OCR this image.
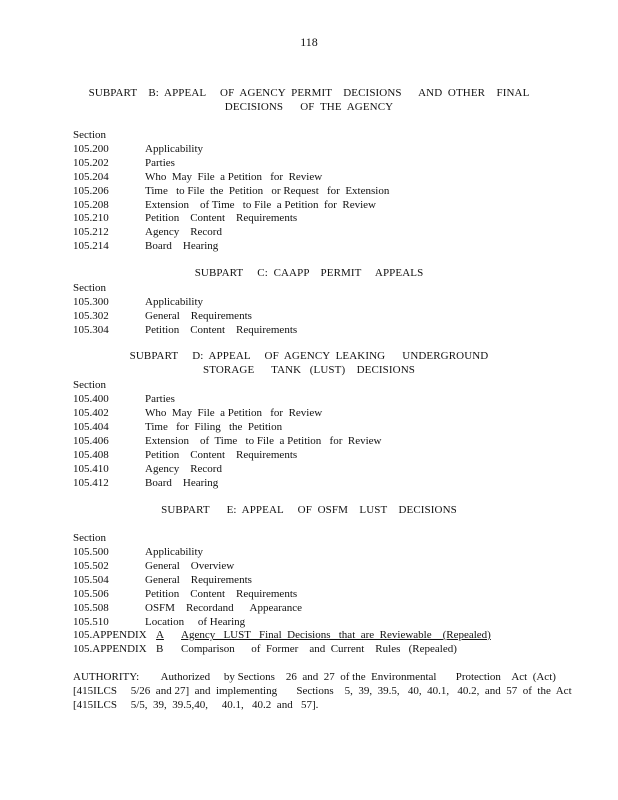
118
SUBPART    B:  APPEAL     OF  AGENCY  PERMIT    DECISIONS      AND  OTHER    FINAL
DECISIONS      OF  THE  AGENCY
Section
105.200	Applicability
105.202	Parties
105.204	Who  May  File  a Petition   for  Review
105.206	Time   to File  the  Petition   or Request   for  Extension
105.208	Extension    of Time   to File  a Petition  for  Review
105.210	Petition    Content    Requirements
105.212	Agency    Record
105.214	Board    Hearing
SUBPART     C:  CAAPP    PERMIT     APPEALS
Section
105.300	Applicability
105.302	General    Requirements
105.304	Petition    Content    Requirements
SUBPART     D:  APPEAL     OF  AGENCY  LEAKING      UNDERGROUND
STORAGE      TANK   (LUST)    DECISIONS
Section
105.400	Parties
105.402	Who  May  File  a Petition   for  Review
105.404	Time   for  Filing   the  Petition
105.406	Extension    of  Time   to File  a Petition   for  Review
105.408	Petition    Content    Requirements
105.410	Agency    Record
105.412	Board    Hearing
SUBPART      E:  APPEAL     OF  OSFM    LUST    DECISIONS
Section
105.500	Applicability
105.502	General    Overview
105.504	General    Requirements
105.506	Petition    Content    Requirements
105.508	OSFM    Recordand      Appearance
105.510	Location     of Hearing
105.APPENDIX A Agency   LUST   Final  Decisions   that  are  Reviewable    (Repealed)
105.APPENDIX B Comparison      of  Former    and  Current    Rules   (Repealed)
AUTHORITY:        Authorized     by Sections    26  and  27  of the  Environmental       Protection    Act  (Act)
[415ILCS     5/26  and 27]  and  implementing       Sections    5,  39,  39.5,   40,  40.1,   40.2,  and  57  of  the  Act
[415ILCS     5/5,  39,  39.5,40,     40.1,   40.2  and   57].
